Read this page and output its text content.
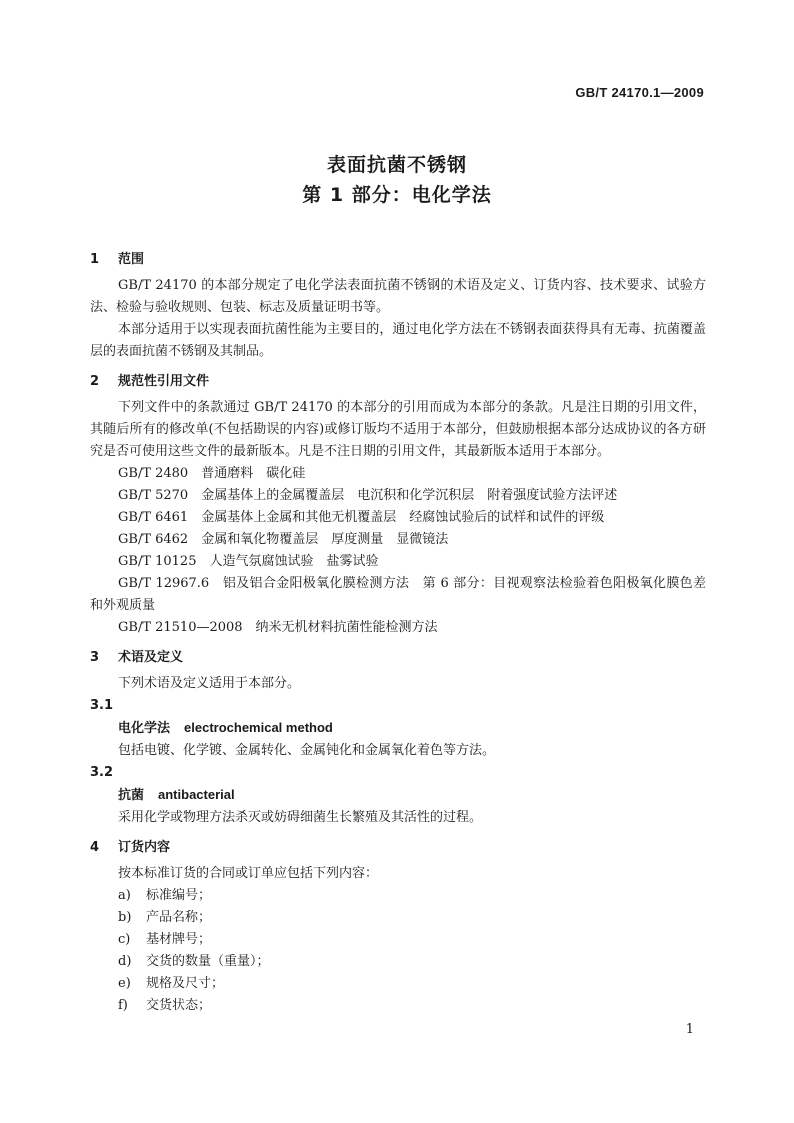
GB/T 24170.1—2009
表面抗菌不锈钢
第 1 部分：电化学法
1 范围

GB/T 24170 的本部分规定了电化学法表面抗菌不锈钢的术语及定义、订货内容、技术要求、试验方法、检验与验收规则、包装、标志及质量证明书等。

本部分适用于以实现表面抗菌性能为主要目的，通过电化学方法在不锈钢表面获得具有无毒、抗菌覆盖层的表面抗菌不锈钢及其制品。

2 规范性引用文件

下列文件中的条款通过 GB/T 24170 的本部分的引用而成为本部分的条款。凡是注日期的引用文件，其随后所有的修改单(不包括勘误的内容)或修订版均不适用于本部分，但鼓励根据本部分达成协议的各方研究是否可使用这些文件的最新版本。凡是不注日期的引用文件，其最新版本适用于本部分。

GB/T 2480　普通磨料　碳化硅
GB/T 5270　金属基体上的金属覆盖层　电沉积和化学沉积层　附着强度试验方法评述
GB/T 6461　金属基体上金属和其他无机覆盖层　经腐蚀试验后的试样和试件的评级
GB/T 6462　金属和氧化物覆盖层　厚度测量　显微镜法
GB/T 10125　人造气氛腐蚀试验　盐雾试验

GB/T 12967.6　铝及铝合金阳极氧化膜检测方法　第 6 部分：目视观察法检验着色阳极氧化膜色差和外观质量

GB/T 21510—2008　纳米无机材料抗菌性能检测方法
3 术语及定义

下列术语及定义适用于本部分。

3.1
电化学法 electrochemical method
包括电镀、化学镀、金属转化、金属钝化和金属氧化着色等方法。
3.2
抗菌 antibacterial
采用化学或物理方法杀灭或妨碍细菌生长繁殖及其活性的过程。
4 订货内容

按本标准订货的合同或订单应包括下列内容：

a) 标准编号；
b) 产品名称；
c) 基材牌号；
d) 交货的数量（重量）；
e) 规格及尺寸；
f) 交货状态；
1
